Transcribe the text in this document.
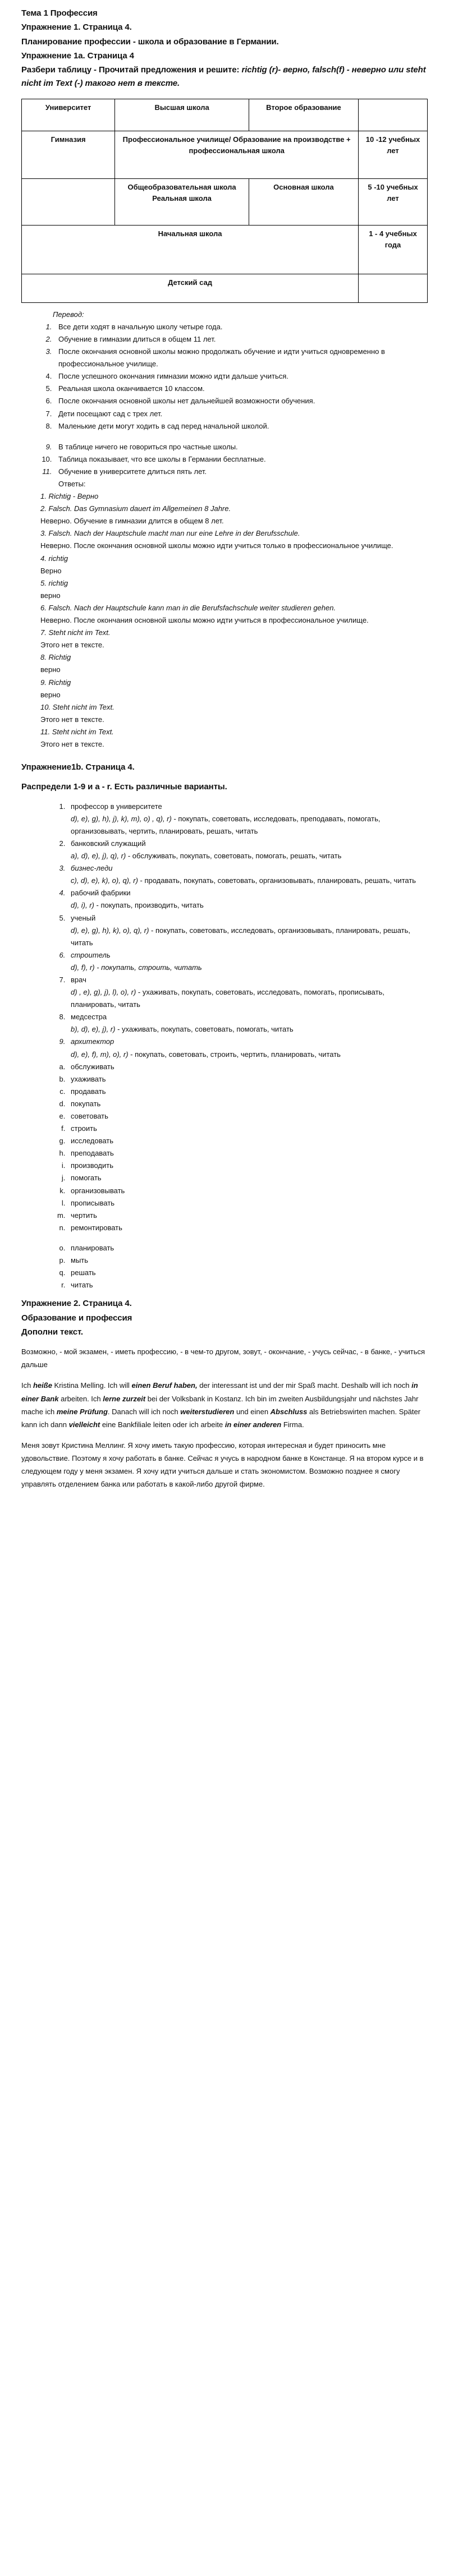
Тема 1 Профессия
Упражнение 1. Страница 4.
Планирование профессии - школа и образование в Германии.
Упражнение 1a. Страница 4
Разбери таблицу - Прочитай предложения и решите: richtig (r)- верно, falsch(f) - неверно или steht nicht im Text (-) такого нет в тексте.
Университет	Высшая школа	Второе образование	
Гимназия	Профессиональное училище/ Образование на производстве + профессиональная школа		10 -12 учебных лет
	Общеобразовательная школа Реальная школа	Основная школа	5 -10 учебных лет
Начальная школа			1 - 4 учебных года
Детский сад			
Перевод:
1. Все дети ходят в начальную школу четыре года.
2. Обучение в гимназии длиться в общем 11 лет.
3. После окончания основной школы можно продолжать обучение и идти учиться одновременно в профессиональное училище.
4. После успешного окончания гимназии можно идти дальше учиться.
5. Реальная школа оканчивается 10 классом.
6. После окончания основной школы нет дальнейшей возможности обучения.
7. Дети посещают сад с трех лет.
8. Маленькие дети могут ходить в сад перед начальной школой.
9. В таблице ничего не говориться про частные школы.
10. Таблица показывает, что все школы в Германии бесплатные.
11. Обучение в университете длиться пять лет.
Ответы:
1. Richtig - Верно
2. Falsch. Das Gymnasium dauert im Allgemeinen 8 Jahre.
Неверно. Обучение в гимназии длится в общем 8 лет.
3. Falsch. Nach der Hauptschule macht man nur eine Lehre in der Berufsschule.
Неверно. После окончания основной школы можно идти учиться только в профессиональное училище.
4. richtig
Верно
5. richtig
верно
6. Falsch. Nach der Hauptschule kann man in die Berufsfachschule weiter studieren gehen.
Неверно. После окончания основной школы можно идти учиться в профессиональное училище.
7. Steht nicht im Text.
Этого нет в тексте.
8. Richtig
верно
9. Richtig
верно
10. Steht nicht im Text.
Этого нет в тексте.
11. Steht nicht im Text.
Этого нет в тексте.
Упражнение1b. Страница 4.
Распредели 1-9 и a - r. Есть различные варианты.
1. профессор в университете
d), e), g), h), j), k), m), o) , q), r) - покупать, советовать, исследовать, преподавать, помогать, организовывать, чертить, планировать, решать, читать
2. банковский служащий
a), d), e), j), q), r) - обслуживать, покупать, советовать, помогать, решать, читать
3. бизнес-леди
c), d), e), k), o), q), r) - продавать, покупать, советовать, организовывать, планировать, решать, читать
4. рабочий фабрики
d), i), r) - покупать, производить, читать
5. ученый
d), e), g), h), k), o), q), r) - покупать, советовать, исследовать, организовывать, планировать, решать, читать
6. строитель
d), f), r) - покупать, строить, читать
7. врач
d) , e), g), j), l), o), r) - ухаживать, покупать, советовать, исследовать, помогать, прописывать, планировать, читать
8. медсестра
b), d), e), j), r) - ухаживать, покупать, советовать, помогать, читать
9. архитектор
d), e), f), m), o), r) - покупать, советовать, строить, чертить, планировать, читать
a. обслуживать
b. ухаживать
c. продавать
d. покупать
e. советовать
f. строить
g. исследовать
h. преподавать
i. производить
j. помогать
k. организовывать
l. прописывать
m. чертить
n. ремонтировать
o. планировать
p. мыть
q. решать
r. читать
Упражнение 2. Страница 4.
Образование и профессия
Дополни текст.
Возможно, - мой экзамен, - иметь профессию, - в чем-то другом, зовут, - окончание, - учусь сейчас, - в банке, - учиться дальше
Ich heiße Kristina Melling. Ich will einen Beruf haben, der interessant ist und der mir Spaß macht. Deshalb will ich noch in einer Bank arbeiten. Ich lerne zurzeit bei der Volksbank in Kostanz. Ich bin im zweiten Ausbildungsjahr und nächstes Jahr mache ich meine Prüfung. Danach will ich noch weiterstudieren und einen Abschluss als Betriebswirten machen. Später kann ich dann vielleicht eine Bankfiliale leiten oder ich arbeite in einer anderen Firma.
Меня зовут Кристина Меллинг. Я хочу иметь такую профессию, которая интересная и будет приносить мне удовольствие. Поэтому я хочу работать в банке. Сейчас я учусь в народном банке в Констанце. Я на втором курсе и в следующем году у меня экзамен. Я хочу идти учиться дальше и стать экономистом. Возможно позднее я смогу управлять отделением банка или работать в какой-либо другой фирме.
